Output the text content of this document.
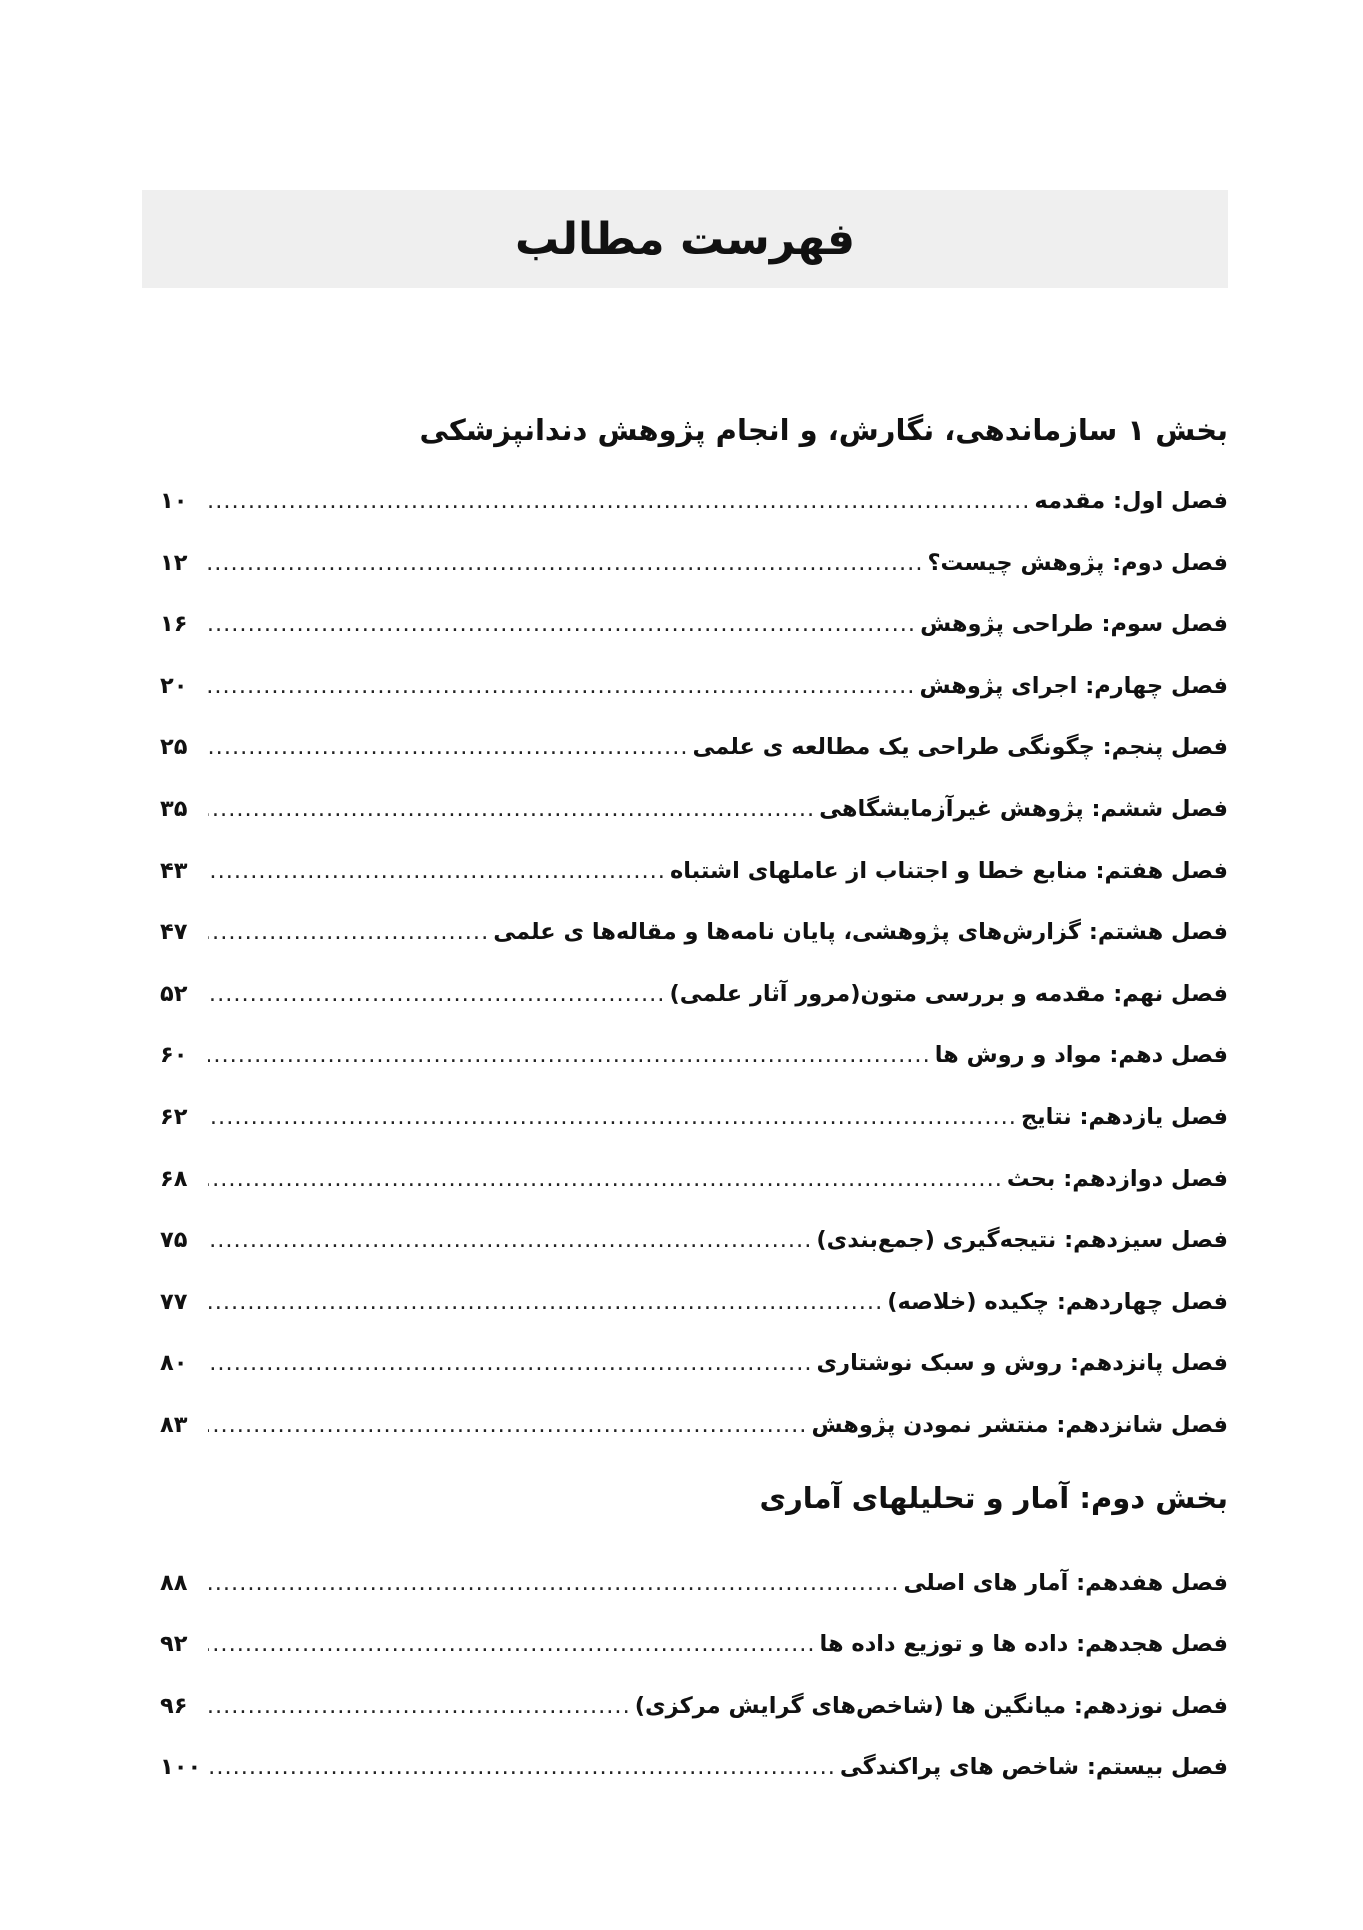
فهرست مطالب
بخش ۱ سازماندهی، نگارش، و انجام پژوهش دندانپزشکی
فصل اول: مقدمه
.....
۱۰
فصل دوم: پژوهش چیست؟
.....
۱۲
فصل سوم: طراحی پژوهش
.....
۱۶
فصل چهارم: اجرای پژوهش
.....
۲۰
فصل پنجم: چگونگی طراحی یک مطالعه ی علمی
.....
۲۵
فصل ششم: پژوهش غیرآزمایشگاهی
.....
۳۵
فصل هفتم: منابع خطا و اجتناب از عاملهای اشتباه
.....
۴۳
فصل هشتم: گزارش‌های پژوهشی، پایان نامه‌ها و مقاله‌ها ی علمی
.....
۴۷
فصل نهم: مقدمه و بررسی متون(مرور آثار علمی)
.....
۵۲
فصل دهم: مواد و روش ها
.....
۶۰
فصل یازدهم: نتایج
.....
۶۲
فصل دوازدهم: بحث
.....
۶۸
فصل سیزدهم: نتیجه‌گیری (جمع‌بندی)
.....
۷۵
فصل چهاردهم: چکیده (خلاصه)
.....
۷۷
فصل پانزدهم: روش و سبک نوشتاری
.....
۸۰
فصل شانزدهم: منتشر نمودن پژوهش
.....
۸۳
بخش دوم: آمار و تحلیلهای آماری
فصل هفدهم: آمار های اصلی
.....
۸۸
فصل هجدهم: داده ها و توزیع داده ها
.....
۹۲
فصل نوزدهم: میانگین ها (شاخص‌های گرایش مرکزی)
.....
۹۶
فصل بیستم: شاخص های پراکندگی
.....
۱۰۰
